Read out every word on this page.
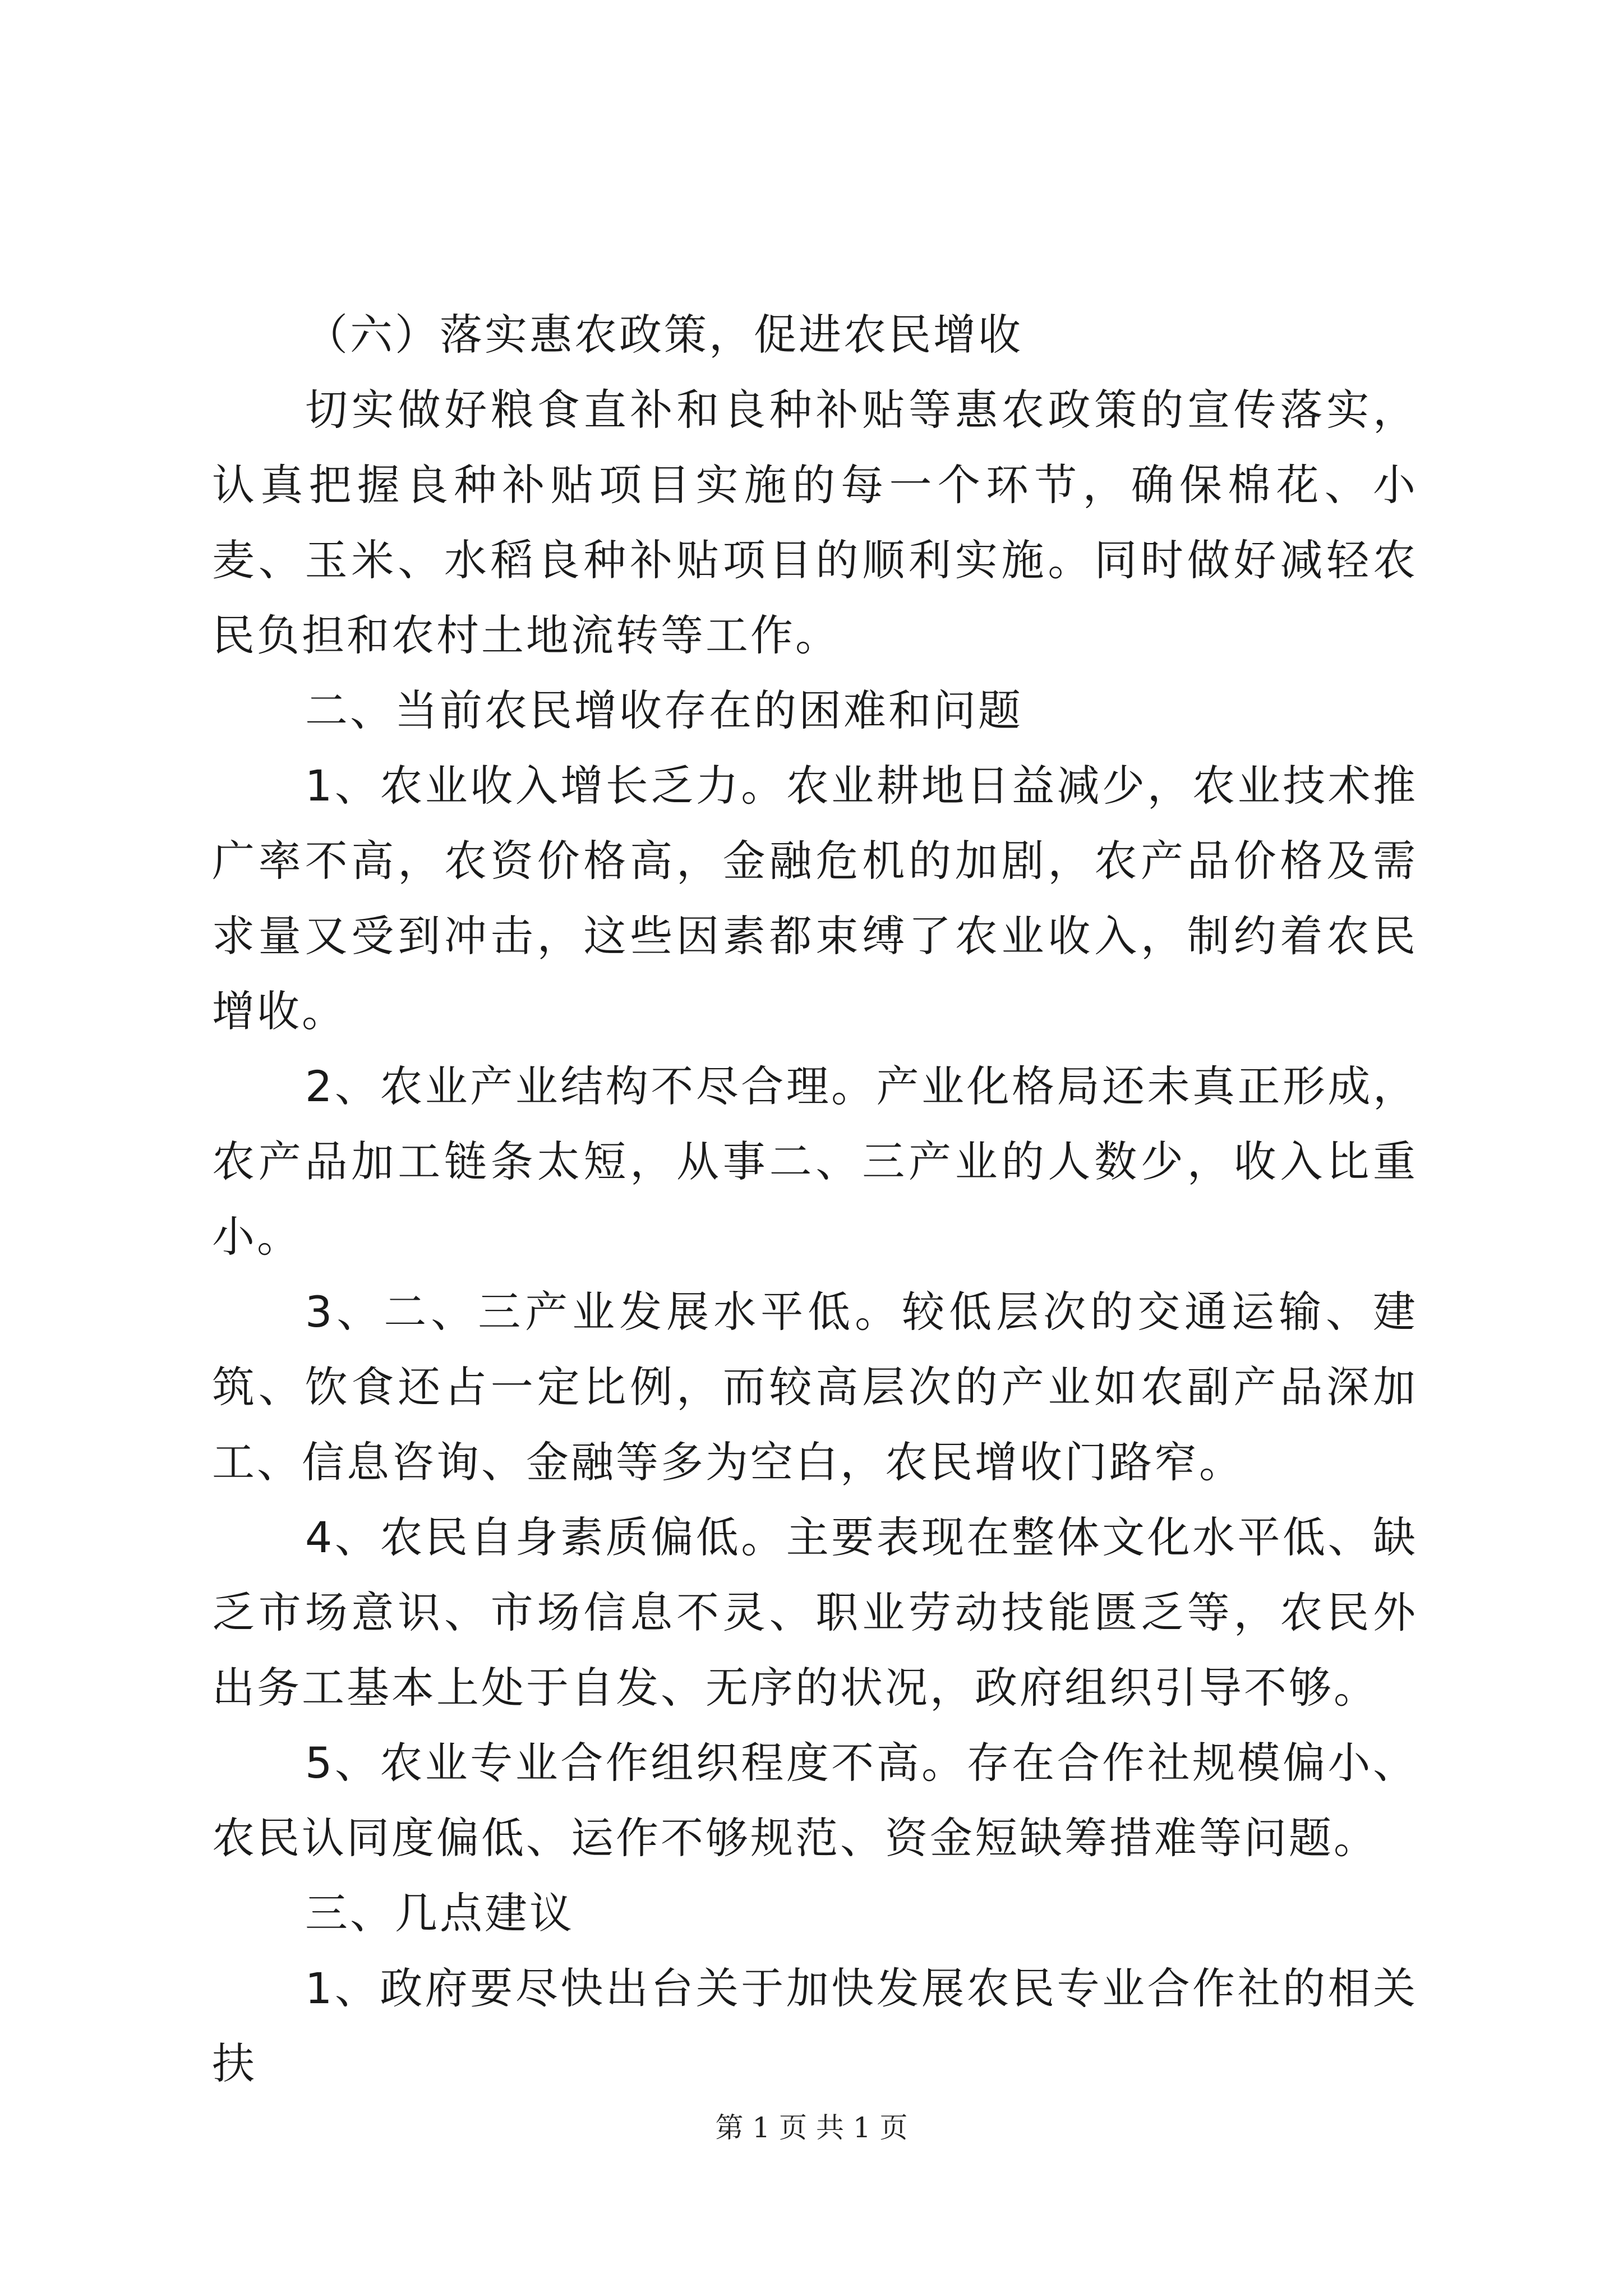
（六）落实惠农政策，促进农民增收

切实做好粮食直补和良种补贴等惠农政策的宣传落实，认真把握良种补贴项目实施的每一个环节，确保棉花、小麦、玉米、水稻良种补贴项目的顺利实施。同时做好减轻农民负担和农村土地流转等工作。

二、当前农民增收存在的困难和问题

1、农业收入增长乏力。农业耕地日益减少，农业技术推广率不高，农资价格高，金融危机的加剧，农产品价格及需求量又受到冲击，这些因素都束缚了农业收入，制约着农民增收。

2、农业产业结构不尽合理。产业化格局还未真正形成，农产品加工链条太短，从事二、三产业的人数少，收入比重小。

3、二、三产业发展水平低。较低层次的交通运输、建筑、饮食还占一定比例，而较高层次的产业如农副产品深加工、信息咨询、金融等多为空白，农民增收门路窄。

4、农民自身素质偏低。主要表现在整体文化水平低、缺乏市场意识、市场信息不灵、职业劳动技能匮乏等，农民外出务工基本上处于自发、无序的状况，政府组织引导不够。

5、农业专业合作组织程度不高。存在合作社规模偏小、农民认同度偏低、运作不够规范、资金短缺筹措难等问题。

三、几点建议

1、政府要尽快出台关于加快发展农民专业合作社的相关扶

第 1 页 共 1 页
